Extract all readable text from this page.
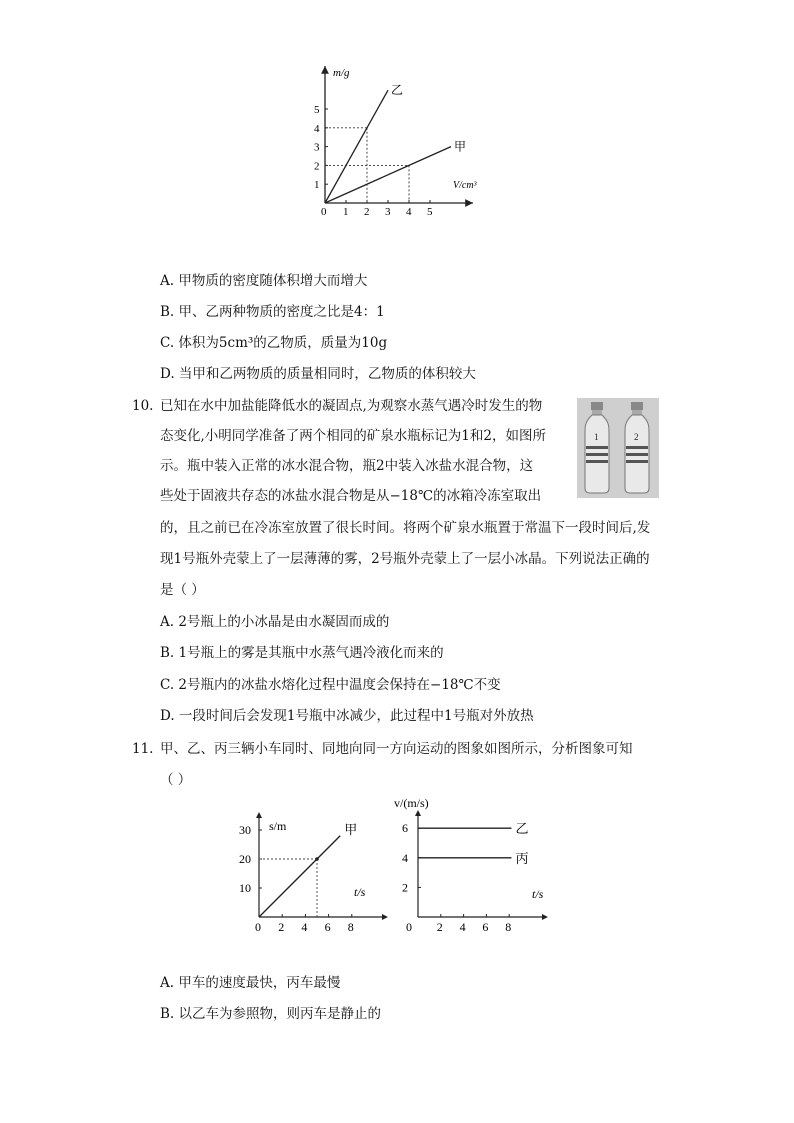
m/g
V/cm³
0 1 2 3 4 5
1
2
3
4
5
乙
甲
A. 甲物质的密度随体积增大而增大
B. 甲、乙两种物质的密度之比是4：1
C. 体积为5cm³的乙物质，质量为10g
D. 当甲和乙两物质的质量相同时，乙物质的体积较大
10. 已知在水中加盐能降低水的凝固点,为观察水蒸气遇冷时发生的物
态变化,小明同学准备了两个相同的矿泉水瓶标记为1和2，如图所
示。瓶中装入正常的冰水混合物，瓶2中装入冰盐水混合物，这
些处于固液共存态的冰盐水混合物是从−18℃的冰箱冷冻室取出
的，且之前已在冷冻室放置了很长时间。将两个矿泉水瓶置于常温下一段时间后,发
现1号瓶外壳蒙上了一层薄薄的雾，2号瓶外壳蒙上了一层小冰晶。下列说法正确的
是（ ）
1	2
A. 2号瓶上的小冰晶是由水凝固而成的
B. 1号瓶上的雾是其瓶中水蒸气遇冷液化而来的
C. 2号瓶内的冰盐水熔化过程中温度会保持在−18℃不变
D. 一段时间后会发现1号瓶中冰减少，此过程中1号瓶对外放热
11. 甲、乙、丙三辆小车同时、同地向同一方向运动的图象如图所示，分析图象可知
（ ）
s/m
t/s
0 2 4 6 8
10
20
30	甲
v/(m/s)
t/s
0 2 4 6 8
2
4
6	乙
丙
A. 甲车的速度最快，丙车最慢
B. 以乙车为参照物，则丙车是静止的
